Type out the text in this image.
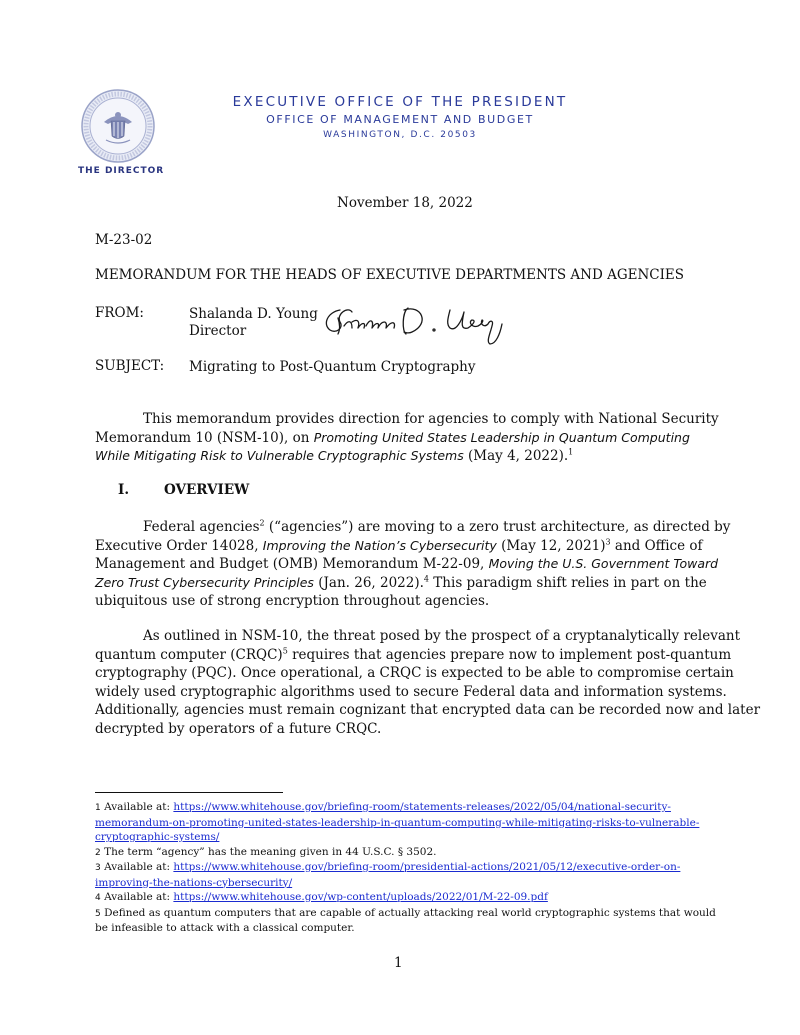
THE DIRECTOR
EXECUTIVE OFFICE OF THE PRESIDENT
OFFICE OF MANAGEMENT AND BUDGET
WASHINGTON, D.C. 20503
November 18, 2022
M-23-02
MEMORANDUM FOR THE HEADS OF EXECUTIVE DEPARTMENTS AND AGENCIES
FROM:	Shalanda D. Young
Director
SUBJECT: Migrating to Post-Quantum Cryptography
This memorandum provides direction for agencies to comply with National Security
Memorandum 10 (NSM-10), on Promoting United States Leadership in Quantum Computing
While Mitigating Risk to Vulnerable Cryptographic Systems (May 4, 2022).$^1$
I.	OVERVIEW
Federal agencies$^2$ (“agencies”) are moving to a zero trust architecture, as directed by
Executive Order 14028, Improving the Nation’s Cybersecurity (May 12, 2021)$^3$ and Office of
Management and Budget (OMB) Memorandum M-22-09, Moving the U.S. Government Toward
Zero Trust Cybersecurity Principles (Jan. 26, 2022).$^4$ This paradigm shift relies in part on the
ubiquitous use of strong encryption throughout agencies.
As outlined in NSM-10, the threat posed by the prospect of a cryptanalytically relevant
quantum computer (CRQC)$^5$ requires that agencies prepare now to implement post-quantum
cryptography (PQC). Once operational, a CRQC is expected to be able to compromise certain
widely used cryptographic algorithms used to secure Federal data and information systems.
Additionally, agencies must remain cognizant that encrypted data can be recorded now and later
decrypted by operators of a future CRQC.
1 Available at: https://www.whitehouse.gov/briefing-room/statements-releases/2022/05/04/national-security-
memorandum-on-promoting-united-states-leadership-in-quantum-computing-while-mitigating-risks-to-vulnerable-
cryptographic-systems/
2 The term “agency” has the meaning given in 44 U.S.C. § 3502.
3 Available at: https://www.whitehouse.gov/briefing-room/presidential-actions/2021/05/12/executive-order-on-
improving-the-nations-cybersecurity/
4 Available at: https://www.whitehouse.gov/wp-content/uploads/2022/01/M-22-09.pdf
5 Defined as quantum computers that are capable of actually attacking real world cryptographic systems that would
be infeasible to attack with a classical computer.
1
